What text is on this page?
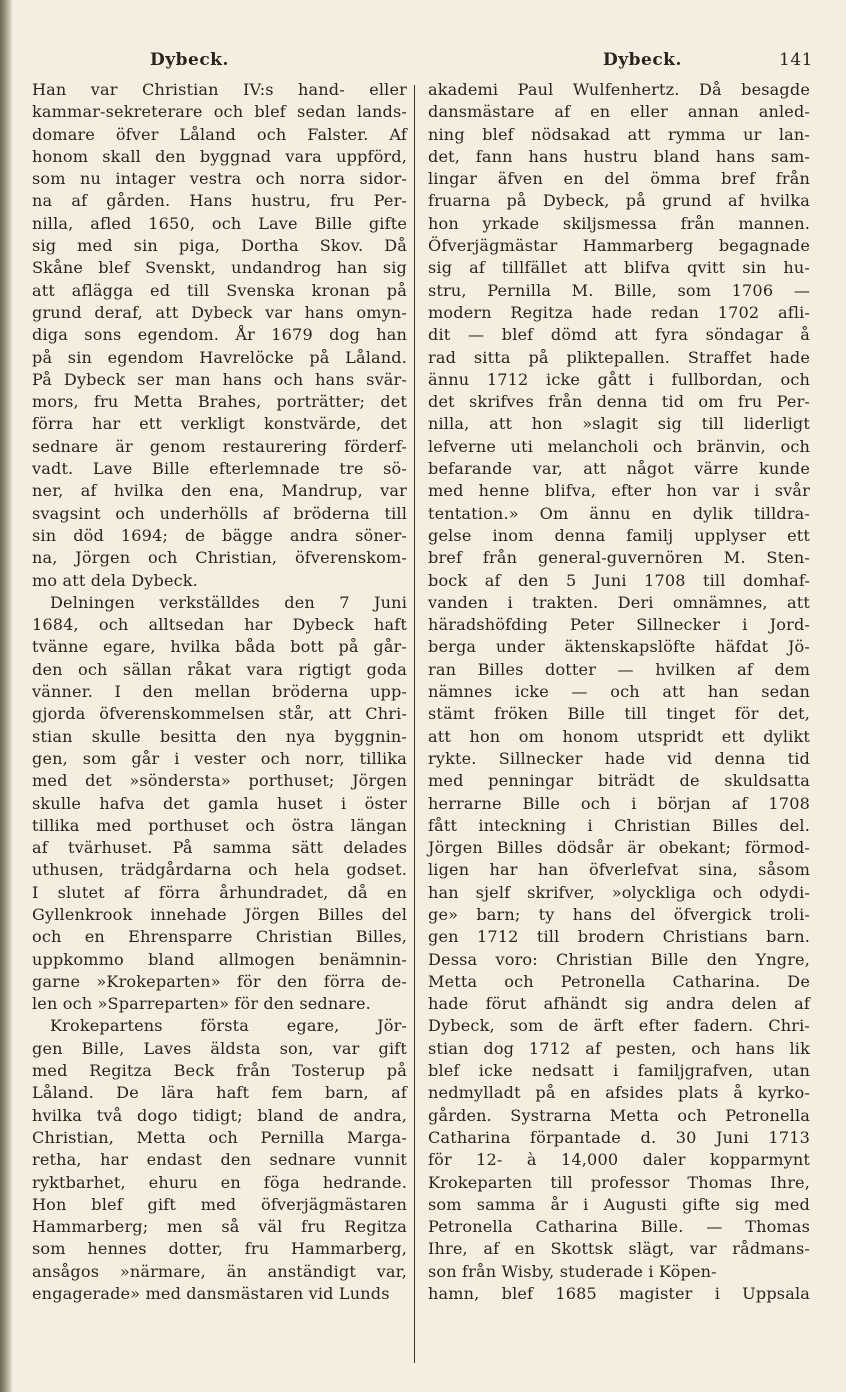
Dybeck.	Dybeck.	141
Han var Christian IV:s hand- eller
kammar-sekreterare och blef sedan lands-
domare öfver Låland och Falster. Af
honom skall den byggnad vara uppförd,
som nu intager vestra och norra sidor-
na af gården. Hans hustru, fru Per-
nilla, afled 1650, och Lave Bille gifte
sig med sin piga, Dortha Skov. Då
Skåne blef Svenskt, undandrog han sig
att aflägga ed till Svenska kronan på
grund deraf, att Dybeck var hans omyn-
diga sons egendom. År 1679 dog han
på sin egendom Havrelöcke på Låland.
På Dybeck ser man hans och hans svär-
mors, fru Metta Brahes, porträtter; det
förra har ett verkligt konstvärde, det
sednare är genom restaurering förderf-
vadt. Lave Bille efterlemnade tre sö-
ner, af hvilka den ena, Mandrup, var
svagsint och underhölls af bröderna till
sin död 1694; de bägge andra söner-
na, Jörgen och Christian, öfverenskom-
mo att dela Dybeck.
Delningen verkställdes den 7 Juni
1684, och alltsedan har Dybeck haft
tvänne egare, hvilka båda bott på går-
den och sällan råkat vara rigtigt goda
vänner. I den mellan bröderna upp-
gjorda öfverenskommelsen står, att Chri-
stian skulle besitta den nya byggnin-
gen, som går i vester och norr, tillika
med det »söndersta» porthuset; Jörgen
skulle hafva det gamla huset i öster
tillika med porthuset och östra längan
af tvärhuset. På samma sätt delades
uthusen, trädgårdarna och hela godset.
I slutet af förra århundradet, då en
Gyllenkrook innehade Jörgen Billes del
och en Ehrensparre Christian Billes,
uppkommo bland allmogen benämnin-
garne »Krokeparten» för den förra de-
len och »Sparreparten» för den sednare.
Krokepartens första egare, Jör-
gen Bille, Laves äldsta son, var gift
med Regitza Beck från Tosterup på
Låland. De lära haft fem barn, af
hvilka två dogo tidigt; bland de andra,
Christian, Metta och Pernilla Marga-
retha, har endast den sednare vunnit
ryktbarhet, ehuru en föga hedrande.
Hon blef gift med öfverjägmästaren
Hammarberg; men så väl fru Regitza
som hennes dotter, fru Hammarberg,
ansågos »närmare, än anständigt var,
engagerade» med dansmästaren vid Lunds
akademi Paul Wulfenhertz. Då besagde
dansmästare af en eller annan anled-
ning blef nödsakad att rymma ur lan-
det, fann hans hustru bland hans sam-
lingar äfven en del ömma bref från
fruarna på Dybeck, på grund af hvilka
hon yrkade skiljsmessa från mannen.
Öfverjägmästar Hammarberg begagnade
sig af tillfället att blifva qvitt sin hu-
stru, Pernilla M. Bille, som 1706 —
modern Regitza hade redan 1702 afli-
dit — blef dömd att fyra söndagar å
rad sitta på pliktepallen. Straffet hade
ännu 1712 icke gått i fullbordan, och
det skrifves från denna tid om fru Per-
nilla, att hon »slagit sig till liderligt
lefverne uti melancholi och bränvin, och
befarande var, att något värre kunde
med henne blifva, efter hon var i svår
tentation.» Om ännu en dylik tilldra-
gelse inom denna familj upplyser ett
bref från general-guvernören M. Sten-
bock af den 5 Juni 1708 till domhaf-
vanden i trakten. Deri omnämnes, att
häradshöfding Peter Sillnecker i Jord-
berga under äktenskapslöfte häfdat Jö-
ran Billes dotter — hvilken af dem
nämnes icke — och att han sedan
stämt fröken Bille till tinget för det,
att hon om honom utspridt ett dylikt
rykte. Sillnecker hade vid denna tid
med penningar biträdt de skuldsatta
herrarne Bille och i början af 1708
fått inteckning i Christian Billes del.
Jörgen Billes dödsår är obekant; förmod-
ligen har han öfverlefvat sina, såsom
han sjelf skrifver, »olyckliga och odydi-
ge» barn; ty hans del öfvergick troli-
gen 1712 till brodern Christians barn.
Dessa voro: Christian Bille den Yngre,
Metta och Petronella Catharina. De
hade förut afhändt sig andra delen af
Dybeck, som de ärft efter fadern. Chri-
stian dog 1712 af pesten, och hans lik
blef icke nedsatt i familjgrafven, utan
nedmylladt på en afsides plats å kyrko-
gården. Systrarna Metta och Petronella
Catharina förpantade d. 30 Juni 1713
för 12- à 14,000 daler kopparmynt
Krokeparten till professor Thomas Ihre,
som samma år i Augusti gifte sig med
Petronella Catharina Bille. — Thomas
Ihre, af en Skottsk slägt, var rådmans-
son från Wisby, studerade i Köpen-
hamn, blef 1685 magister i Uppsala
